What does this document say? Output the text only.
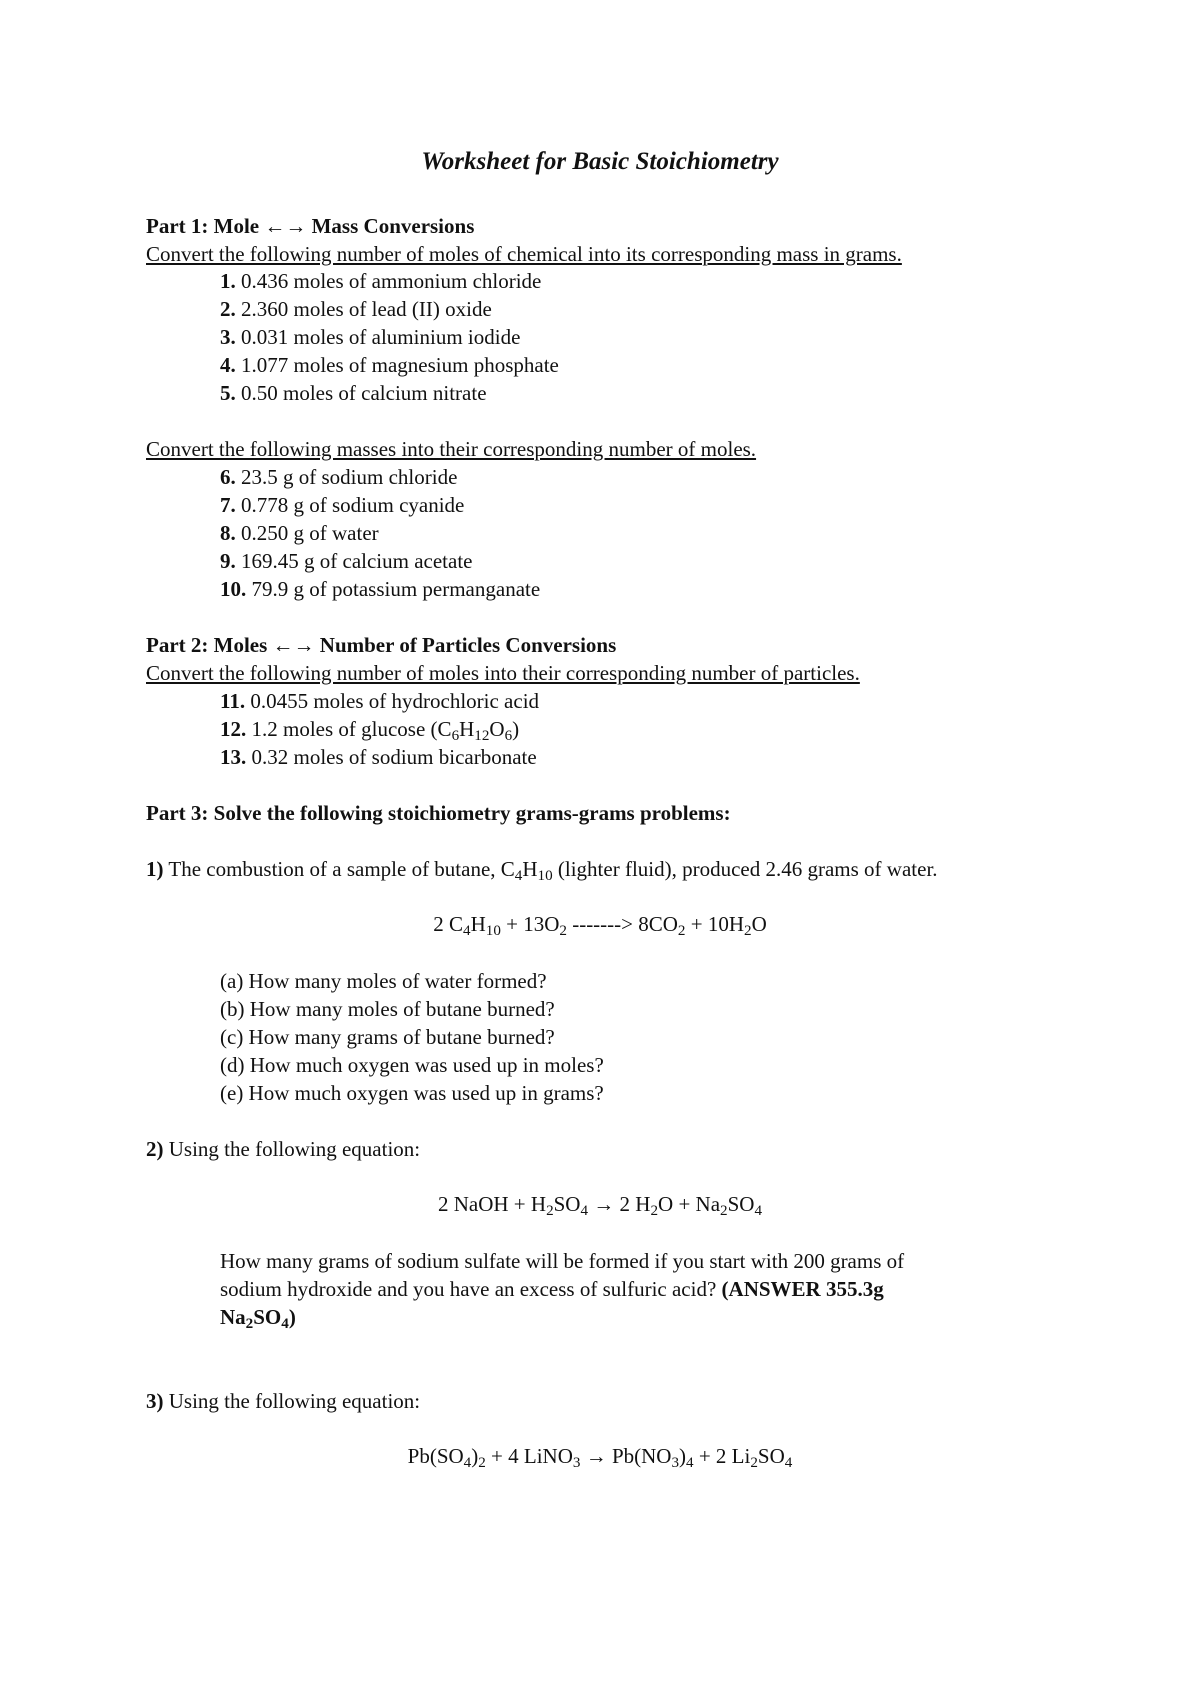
Worksheet for Basic Stoichiometry
Part 1: Mole ←→ Mass Conversions
Convert the following number of moles of chemical into its corresponding mass in grams.
1. 0.436 moles of ammonium chloride
2. 2.360 moles of lead (II) oxide
3. 0.031 moles of aluminium iodide
4. 1.077 moles of magnesium phosphate
5. 0.50 moles of calcium nitrate
Convert the following masses into their corresponding number of moles.
6. 23.5 g of sodium chloride
7. 0.778 g of sodium cyanide
8. 0.250 g of water
9. 169.45 g of calcium acetate
10. 79.9 g of potassium permanganate
Part 2: Moles ←→ Number of Particles Conversions
Convert the following number of moles into their corresponding number of particles.
11. 0.0455 moles of hydrochloric acid
12. 1.2 moles of glucose $(C_6H_{12}O_6)$
13. 0.32 moles of sodium bicarbonate
Part 3: Solve the following stoichiometry grams-grams problems:
1) The combustion of a sample of butane, $C_4H_{10}$ (lighter fluid), produced 2.46 grams of water.
2 $C_4H_{10} + 13O_2$ -------> $8CO_2 + 10H_2O$
(a) How many moles of water formed?
(b) How many moles of butane burned?
(c) How many grams of butane burned?
(d) How much oxygen was used up in moles?
(e) How much oxygen was used up in grams?
2) Using the following equation:
2 NaOH + $H_2SO_4 \to 2$ $H_2O + Na_2SO_4$
How many grams of sodium sulfate will be formed if you start with 200 grams of
sodium hydroxide and you have an excess of sulfuric acid? (ANSWER 355.3g
$Na_2SO_4$)
3) Using the following equation:
$Pb(SO_4)_2 + 4$ LiNO$_3$ → $Pb(NO_3)_4 + 2$ $Li_2SO_4$
